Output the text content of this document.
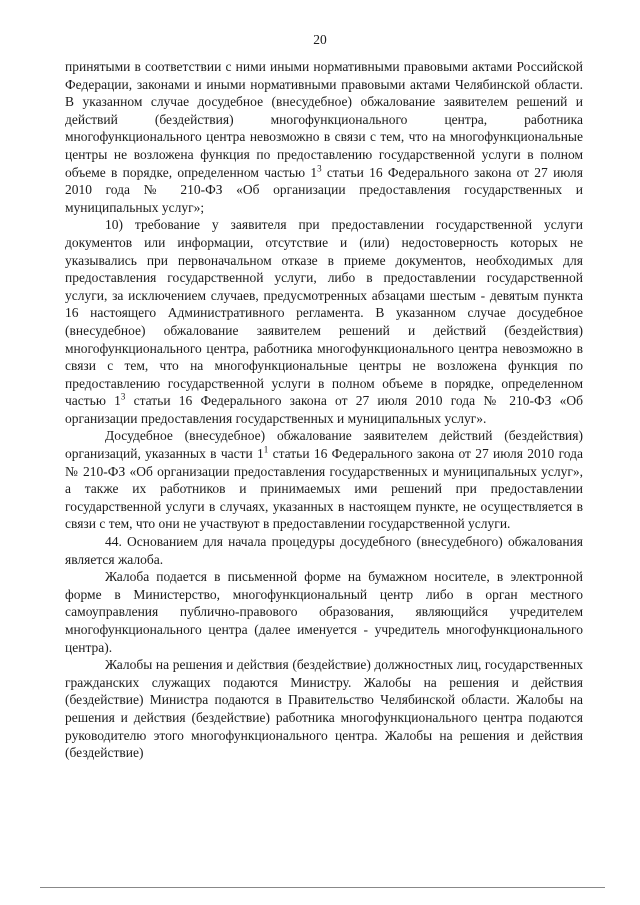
20

принятыми в соответствии с ними иными нормативными правовыми актами Российской Федерации, законами и иными нормативными правовыми актами Челябинской области. В указанном случае досудебное (внесудебное) обжалование заявителем решений и действий (бездействия) многофункционального центра, работника многофункционального центра невозможно в связи с тем, что на многофункциональные центры не возложена функция по предоставлению государственной услуги в полном объеме в порядке, определенном частью $1^3$ статьи 16 Федерального закона от 27 июля 2010 года № 210-ФЗ «Об организации предоставления государственных и муниципальных услуг»;

10) требование у заявителя при предоставлении государственной услуги документов или информации, отсутствие и (или) недостоверность которых не указывались при первоначальном отказе в приеме документов, необходимых для предоставления государственной услуги, либо в предоставлении государственной услуги, за исключением случаев, предусмотренных абзацами шестым - девятым пункта 16 настоящего Административного регламента. В указанном случае досудебное (внесудебное) обжалование заявителем решений и действий (бездействия) многофункционального центра, работника многофункционального центра невозможно в связи с тем, что на многофункциональные центры не возложена функция по предоставлению государственной услуги в полном объеме в порядке, определенном частью $1^3$ статьи 16 Федерального закона от 27 июля 2010 года № 210-ФЗ «Об организации предоставления государственных и муниципальных услуг».

Досудебное (внесудебное) обжалование заявителем действий (бездействия) организаций, указанных в части $1^1$ статьи 16 Федерального закона от 27 июля 2010 года № 210-ФЗ «Об организации предоставления государственных и муниципальных услуг», а также их работников и принимаемых ими решений при предоставлении государственной услуги в случаях, указанных в настоящем пункте, не осуществляется в связи с тем, что они не участвуют в предоставлении государственной услуги.

44. Основанием для начала процедуры досудебного (внесудебного) обжалования является жалоба.

Жалоба подается в письменной форме на бумажном носителе, в электронной форме в Министерство, многофункциональный центр либо в орган местного самоуправления публично-правового образования, являющийся учредителем многофункционального центра (далее именуется - учредитель многофункционального центра).

Жалобы на решения и действия (бездействие) должностных лиц, государственных гражданских служащих подаются Министру. Жалобы на решения и действия (бездействие) Министра подаются в Правительство Челябинской области. Жалобы на решения и действия (бездействие) работника многофункционального центра подаются руководителю этого многофункционального центра. Жалобы на решения и действия (бездействие)
